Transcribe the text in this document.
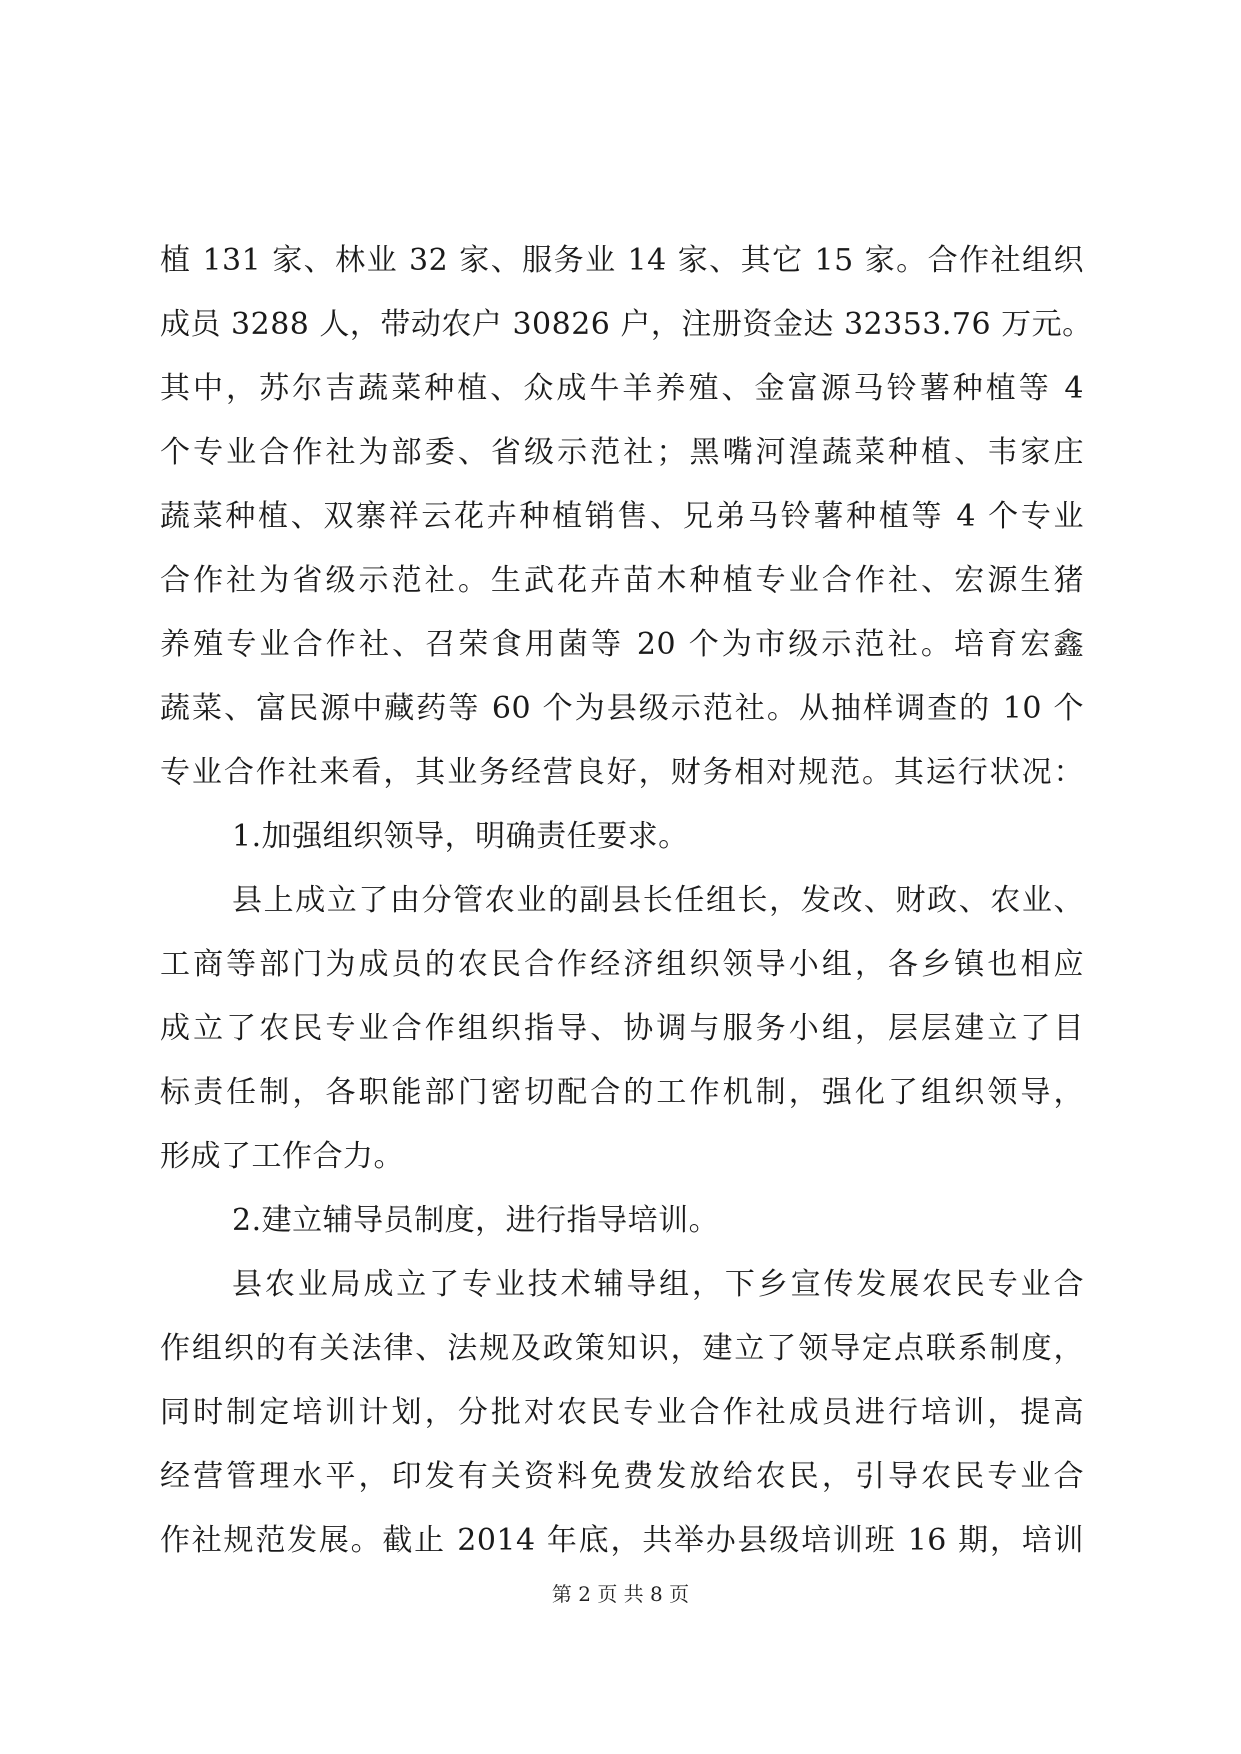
植 131 家、林业 32 家、服务业 14 家、其它 15 家。合作社组织
成员 3288 人，带动农户 30826 户，注册资金达 32353.76 万元。
其中，苏尔吉蔬菜种植、众成牛羊养殖、金富源马铃薯种植等 4
个专业合作社为部委、省级示范社；黑嘴河湟蔬菜种植、韦家庄
蔬菜种植、双寨祥云花卉种植销售、兄弟马铃薯种植等 4 个专业
合作社为省级示范社。生武花卉苗木种植专业合作社、宏源生猪
养殖专业合作社、召荣食用菌等 20 个为市级示范社。培育宏鑫
蔬菜、富民源中藏药等 60 个为县级示范社。从抽样调查的 10 个
专业合作社来看，其业务经营良好，财务相对规范。其运行状况：
1.加强组织领导，明确责任要求。
县上成立了由分管农业的副县长任组长，发改、财政、农业、
工商等部门为成员的农民合作经济组织领导小组，各乡镇也相应
成立了农民专业合作组织指导、协调与服务小组，层层建立了目
标责任制，各职能部门密切配合的工作机制，强化了组织领导，
形成了工作合力。
2.建立辅导员制度，进行指导培训。
县农业局成立了专业技术辅导组，下乡宣传发展农民专业合
作组织的有关法律、法规及政策知识，建立了领导定点联系制度，
同时制定培训计划，分批对农民专业合作社成员进行培训，提高
经营管理水平，印发有关资料免费发放给农民，引导农民专业合
作社规范发展。截止 2014 年底，共举办县级培训班 16 期，培训
第 2 页 共 8 页
